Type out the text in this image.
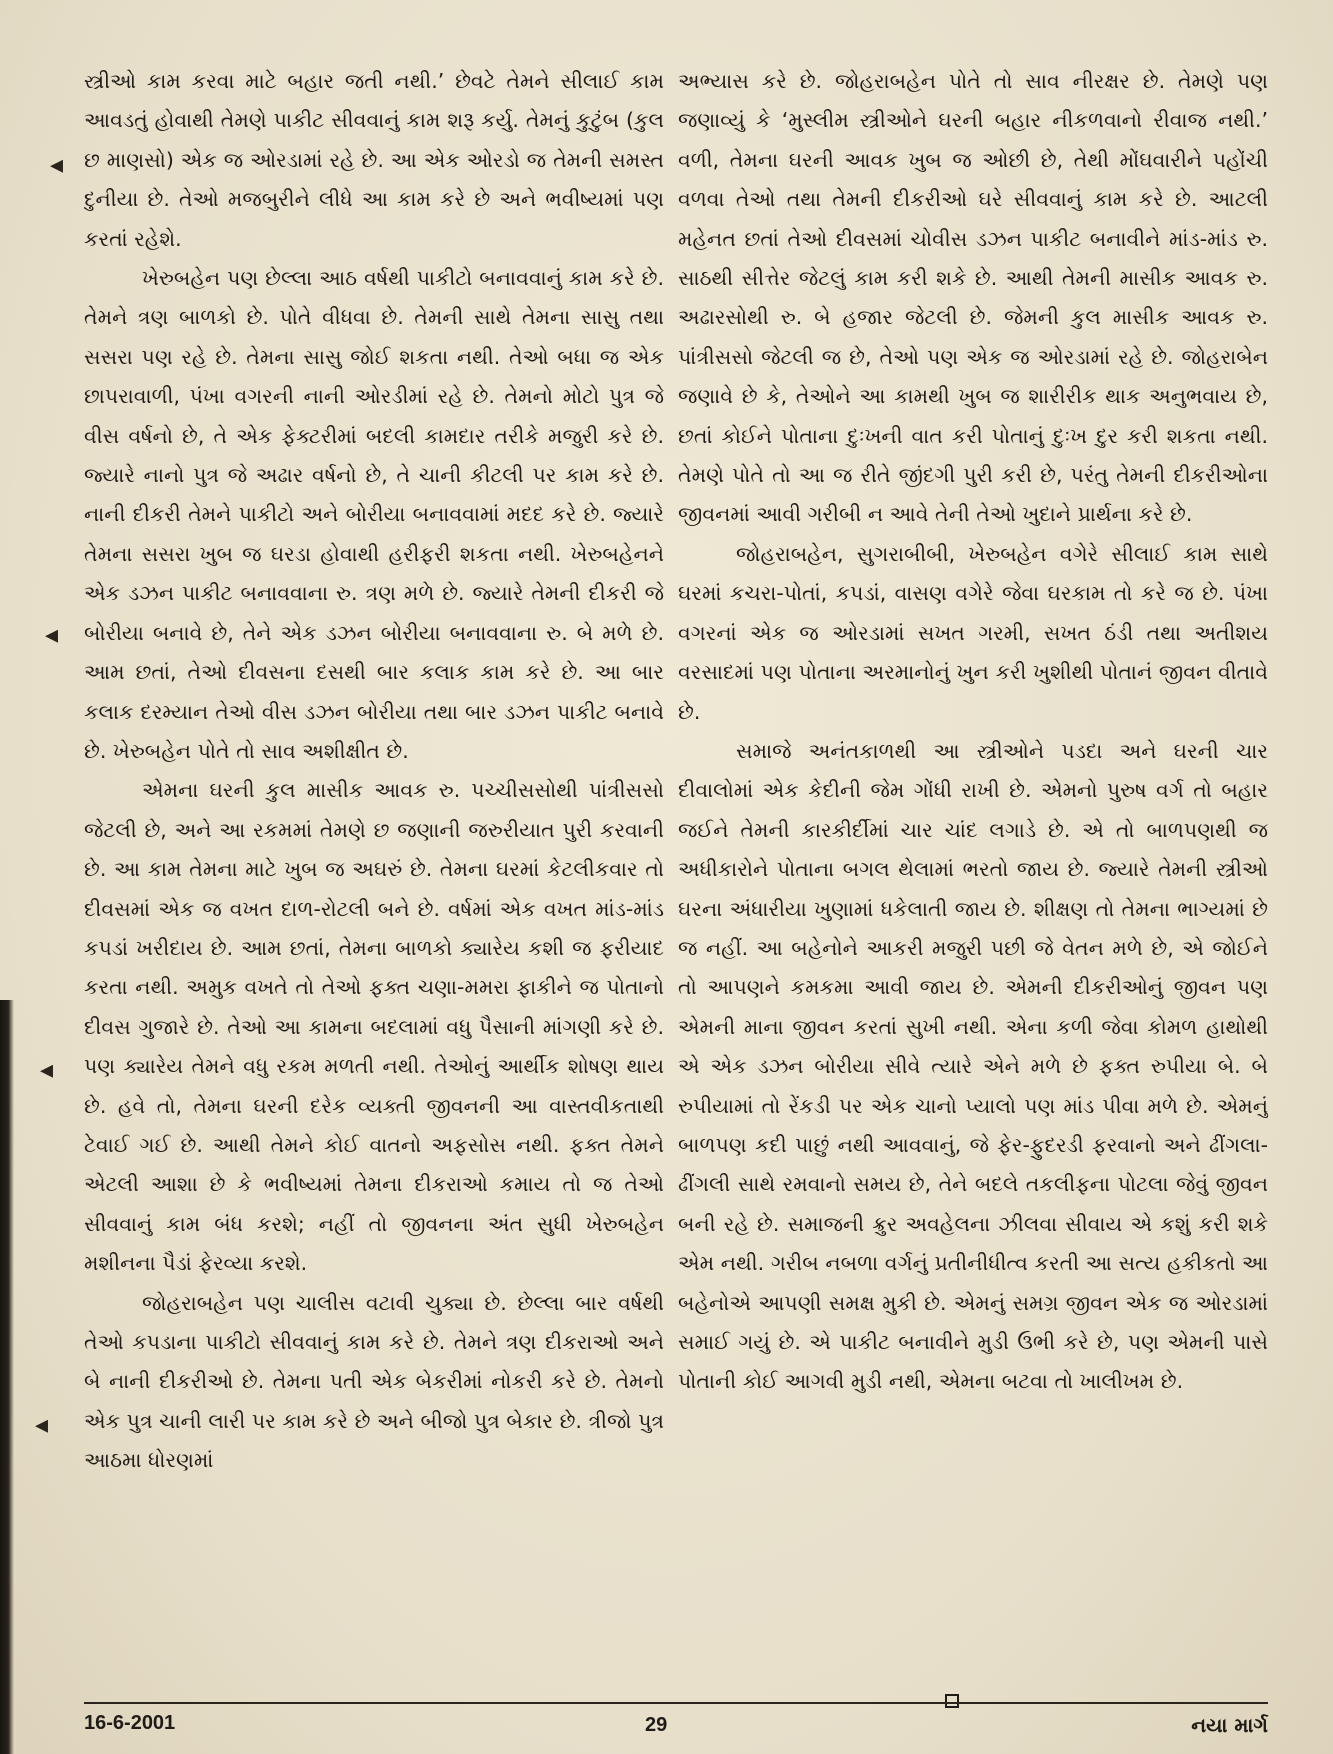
◂
◂
◂
◂

સ્ત્રીઓ કામ કરવા માટે બહાર જતી નથી.’ છેવટે તેમને સીલાઈ કામ આવડતું હોવાથી તેમણે પાકીટ સીવવાનું કામ શરૂ કર્યુ. તેમનું કુટુંબ (કુલ છ માણસો) એક જ ઓરડામાં રહે છે. આ એક ઓરડો જ તેમની સમસ્ત દુનીયા છે. તેઓ મજબુરીને લીધે આ કામ કરે છે અને ભવીષ્યમાં પણ કરતાં રહેશે.

ખેરુબહેન પણ છેલ્લા આઠ વર્ષથી પાકીટો બનાવવાનું કામ કરે છે. તેમને ત્રણ બાળકો છે. પોતે વીધવા છે. તેમની સાથે તેમના સાસુ તથા સસરા પણ રહે છે. તેમના સાસુ જોઈ શકતા નથી. તેઓ બધા જ એક છાપરાવાળી, પંખા વગરની નાની ઓરડીમાં રહે છે. તેમનો મોટો પુત્ર જે વીસ વર્ષનો છે, તે એક ફેક્ટરીમાં બદલી કામદાર તરીકે મજુરી કરે છે. જ્યારે નાનો પુત્ર જે અઢાર વર્ષનો છે, તે ચાની કીટલી પર કામ કરે છે. નાની દીકરી તેમને પાકીટો અને બોરીયા બનાવવામાં મદદ કરે છે. જ્યારે તેમના સસરા ખુબ જ ઘરડા હોવાથી હરીફરી શકતા નથી. ખેરુબહેનને એક ડઝન પાકીટ બનાવવાના રુ. ત્રણ મળે છે. જ્યારે તેમની દીકરી જે બોરીયા બનાવે છે, તેને એક ડઝન બોરીયા બનાવવાના રુ. બે મળે છે. આમ છતાં, તેઓ દીવસના દસથી બાર કલાક કામ કરે છે. આ બાર કલાક દરમ્યાન તેઓ વીસ ડઝન બોરીયા તથા બાર ડઝન પાકીટ બનાવે છે. ખેરુબહેન પોતે તો સાવ અશીક્ષીત છે.

એમના ઘરની કુલ માસીક આવક રુ. પચ્ચીસસોથી પાંત્રીસસો જેટલી છે, અને આ રકમમાં તેમણે છ જણાની જરુરીયાત પુરી કરવાની છે. આ કામ તેમના માટે ખુબ જ અઘરું છે. તેમના ઘરમાં કેટલીકવાર તો દીવસમાં એક જ વખત દાળ-રોટલી બને છે. વર્ષમાં એક વખત માંડ-માંડ કપડાં ખરીદાય છે. આમ છતાં, તેમના બાળકો ક્યારેય કશી જ ફરીયાદ કરતા નથી. અમુક વખતે તો તેઓ ફક્ત ચણા-મમરા ફાકીને જ પોતાનો દીવસ ગુજારે છે. તેઓ આ કામના બદલામાં વધુ પૈસાની માંગણી કરે છે. પણ ક્યારેય તેમને વધુ રકમ મળતી નથી. તેઓનું આર્થીક શોષણ થાય છે. હવે તો, તેમના ઘરની દરેક વ્યક્તી જીવનની આ વાસ્તવીકતાથી ટેવાઈ ગઈ છે. આથી તેમને કોઈ વાતનો અફસોસ નથી. ફક્ત તેમને એટલી આશા છે કે ભવીષ્યમાં તેમના દીકરાઓ કમાય તો જ તેઓ સીવવાનું કામ બંધ કરશે; નહીં તો જીવનના અંત સુધી ખેરુબહેન મશીનના પૈડાં ફેરવ્યા કરશે.

જોહરાબહેન પણ ચાલીસ વટાવી ચુક્યા છે. છેલ્લા બાર વર્ષથી તેઓ કપડાના પાકીટો સીવવાનું કામ કરે છે. તેમને ત્રણ દીકરાઓ અને બે નાની દીકરીઓ છે. તેમના પતી એક બેકરીમાં નોકરી કરે છે. તેમનો એક પુત્ર ચાની લારી પર કામ કરે છે અને બીજો પુત્ર બેકાર છે. ત્રીજો પુત્ર આઠમા ધોરણમાં

અભ્યાસ કરે છે. જોહરાબહેન પોતે તો સાવ નીરક્ષર છે. તેમણે પણ જણાવ્યું કે ‘મુસ્લીમ સ્ત્રીઓને ઘરની બહાર નીકળવાનો રીવાજ નથી.’ વળી, તેમના ઘરની આવક ખુબ જ ઓછી છે, તેથી મોંઘવારીને પહોંચી વળવા તેઓ તથા તેમની દીકરીઓ ઘરે સીવવાનું કામ કરે છે. આટલી મહેનત છતાં તેઓ દીવસમાં ચોવીસ ડઝન પાકીટ બનાવીને માંડ-માંડ રુ. સાઠથી સીત્તેર જેટલું કામ કરી શકે છે. આથી તેમની માસીક આવક રુ. અઢારસોથી રુ. બે હજાર જેટલી છે. જેમની કુલ માસીક આવક રુ. પાંત્રીસસો જેટલી જ છે, તેઓ પણ એક જ ઓરડામાં રહે છે. જોહરાબેન જણાવે છે કે, તેઓને આ કામથી ખુબ જ શારીરીક થાક અનુભવાય છે, છતાં કોઈને પોતાના દુઃખની વાત કરી પોતાનું દુઃખ દુર કરી શકતા નથી. તેમણે પોતે તો આ જ રીતે જીંદગી પુરી કરી છે, પરંતુ તેમની દીકરીઓના જીવનમાં આવી ગરીબી ન આવે તેની તેઓ ખુદાને પ્રાર્થના કરે છે.

જોહરાબહેન, સુગરાબીબી, ખેરુબહેન વગેરે સીલાઈ કામ સાથે ઘરમાં કચરા-પોતાં, કપડાં, વાસણ વગેરે જેવા ઘરકામ તો કરે જ છે. પંખા વગરનાં એક જ ઓરડામાં સખત ગરમી, સખત ઠંડી તથા અતીશય વરસાદમાં પણ પોતાના અરમાનોનું ખુન કરી ખુશીથી પોતાનં જીવન વીતાવે છે.

સમાજે અનંતકાળથી આ સ્ત્રીઓને પડદા અને ઘરની ચાર દીવાલોમાં એક કેદીની જેમ ગોંધી રાખી છે. એમનો પુરુષ વર્ગ તો બહાર જઈને તેમની કારકીર્દીમાં ચાર ચાંદ લગાડે છે. એ તો બાળપણથી જ અધીકારોને પોતાના બગલ થેલામાં ભરતો જાય છે. જ્યારે તેમની સ્ત્રીઓ ઘરના અંધારીયા ખુણામાં ધકેલાતી જાય છે. શીક્ષણ તો તેમના ભાગ્યમાં છે જ નહીં. આ બહેનોને આકરી મજુરી પછી જે વેતન મળે છે, એ જોઈને તો આપણને કમકમા આવી જાય છે. એમની દીકરીઓનું જીવન પણ એમની માના જીવન કરતાં સુખી નથી. એના કળી જેવા કોમળ હાથોથી એ એક ડઝન બોરીયા સીવે ત્યારે એને મળે છે ફક્ત રુપીયા બે. બે રુપીયામાં તો રેંકડી પર એક ચાનો પ્યાલો પણ માંડ પીવા મળે છે. એમનું બાળપણ કદી પાછું નથી આવવાનું, જે ફેર-ફુદરડી ફરવાનો અને ઢીંગલા-ઢીંગલી સાથે રમવાનો સમય છે, તેને બદલે તકલીફના પોટલા જેવું જીવન બની રહે છે. સમાજની ક્રુર અવહેલના ઝીલવા સીવાય એ કશું કરી શકે એમ નથી. ગરીબ નબળા વર્ગનું પ્રતીનીધીત્વ કરતી આ સત્ય હકીકતો આ બહેનોએ આપણી સમક્ષ મુકી છે. એમનું સમગ્ર જીવન એક જ ઓરડામાં સમાઈ ગયું છે. એ પાકીટ બનાવીને મુડી ઉભી કરે છે, પણ એમની પાસે પોતાની કોઈ આગવી મુડી નથી, એમના બટવા તો ખાલીખમ છે.

16-6-2001	29	નયા માર્ગ
